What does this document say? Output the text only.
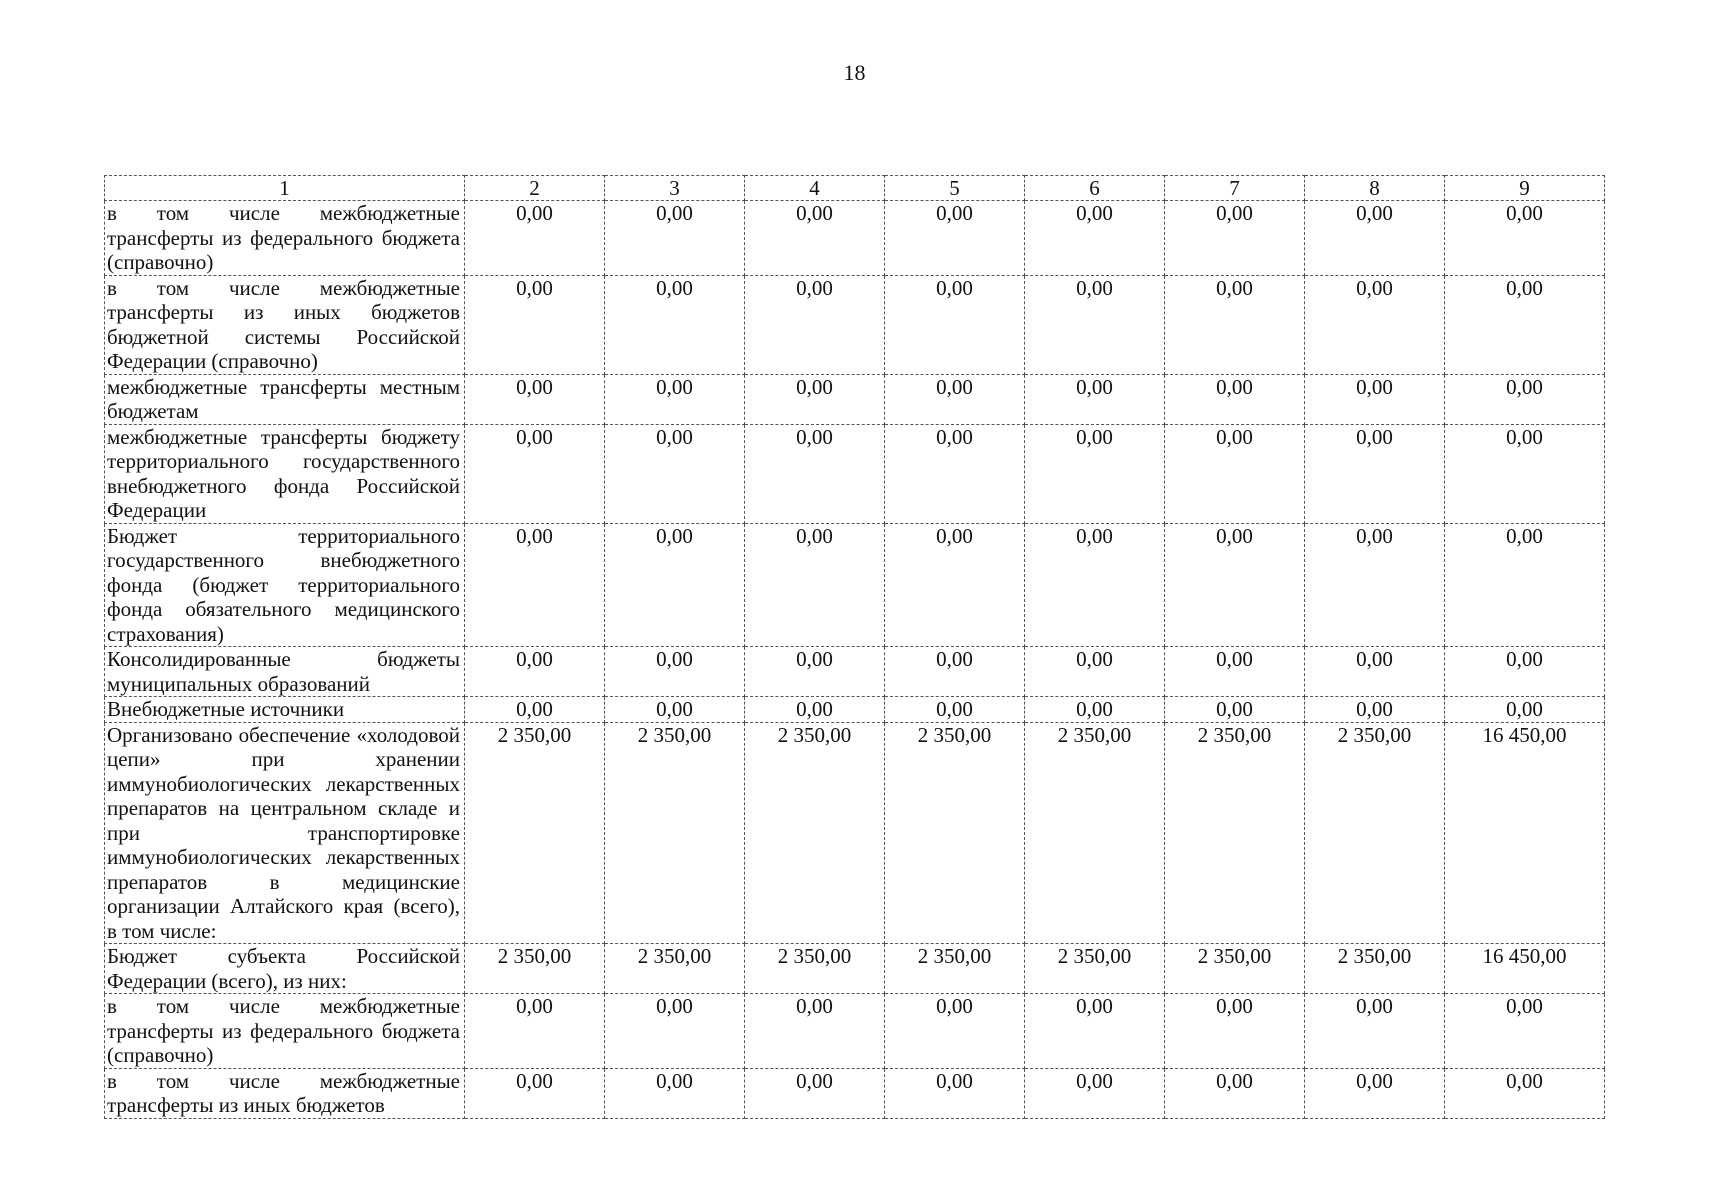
18
1	2	3	4	5	6	7	8	9
в том числе межбюджетные трансферты из федерального бюджета (справочно)	0,00	0,00	0,00	0,00	0,00	0,00	0,00	0,00
в том числе межбюджетные трансферты из иных бюджетов бюджетной системы Российской Федерации (справочно)	0,00	0,00	0,00	0,00	0,00	0,00	0,00	0,00
межбюджетные трансферты местным бюджетам	0,00	0,00	0,00	0,00	0,00	0,00	0,00	0,00
межбюджетные трансферты бюджету территориального государственного внебюджетного фонда Российской Федерации	0,00	0,00	0,00	0,00	0,00	0,00	0,00	0,00
Бюджет территориального государственного внебюджетного фонда (бюджет территориального фонда обязательного медицинского страхования)	0,00	0,00	0,00	0,00	0,00	0,00	0,00	0,00
Консолидированные бюджеты муниципальных образований	0,00	0,00	0,00	0,00	0,00	0,00	0,00	0,00
Внебюджетные источники	0,00	0,00	0,00	0,00	0,00	0,00	0,00	0,00
Организовано обеспечение «холодовой цепи» при хранении иммунобиологических лекарственных препаратов на центральном складе и при транспортировке иммунобиологических лекарственных препаратов в медицинские организации Алтайского края (всего), в том числе:	2 350,00	2 350,00	2 350,00	2 350,00	2 350,00	2 350,00	2 350,00	16 450,00
Бюджет субъекта Российской Федерации (всего), из них:	2 350,00	2 350,00	2 350,00	2 350,00	2 350,00	2 350,00	2 350,00	16 450,00
в том числе межбюджетные трансферты из федерального бюджета (справочно)	0,00	0,00	0,00	0,00	0,00	0,00	0,00	0,00
в том числе межбюджетные трансферты из иных бюджетов	0,00	0,00	0,00	0,00	0,00	0,00	0,00	0,00
